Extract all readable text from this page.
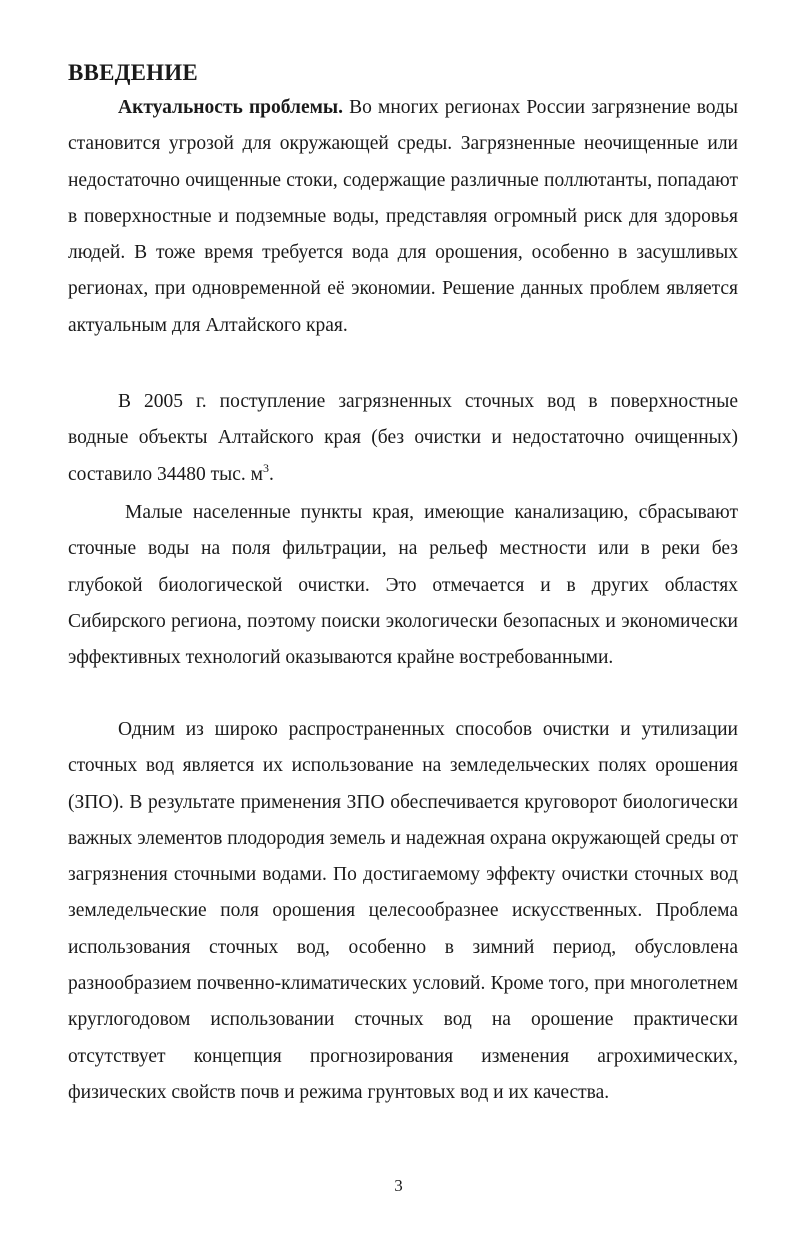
ВВЕДЕНИЕ

Актуальность проблемы. Во многих регионах России загрязнение воды становится угрозой для окружающей среды. Загрязненные неочищенные или недостаточно очищенные стоки, содержащие различные поллютанты, попадают в поверхностные и подземные воды, представляя огромный риск для здоровья людей. В тоже время требуется вода для орошения, особенно в засушливых регионах, при одновременной её экономии. Решение данных проблем является актуальным для Алтайского края.

В 2005 г. поступление загрязненных сточных вод в поверхностные водные объекты Алтайского края (без очистки и недостаточно очищенных) составило 34480 тыс. $м^3$.

Малые населенные пункты края, имеющие канализацию, сбрасывают сточные воды на поля фильтрации, на рельеф местности или в реки без глубокой биологической очистки. Это отмечается и в других областях Сибирского региона, поэтому поиски экологически безопасных и экономически эффективных технологий оказываются крайне востребованными.

Одним из широко распространенных способов очистки и утилизации сточных вод является их использование на земледельческих полях орошения (ЗПО). В результате применения ЗПО обеспечивается круговорот биологически важных элементов плодородия земель и надежная охрана окружающей среды от загрязнения сточными водами. По достигаемому эффекту очистки сточных вод земледельческие поля орошения целесообразнее искусственных. Проблема использования сточных вод, особенно в зимний период, обусловлена разнообразием почвенно-климатических условий. Кроме того, при многолетнем круглогодовом использовании сточных вод на орошение практически отсутствует концепция прогнозирования изменения агрохимических, физических свойств почв и режима грунтовых вод и их качества.

3
